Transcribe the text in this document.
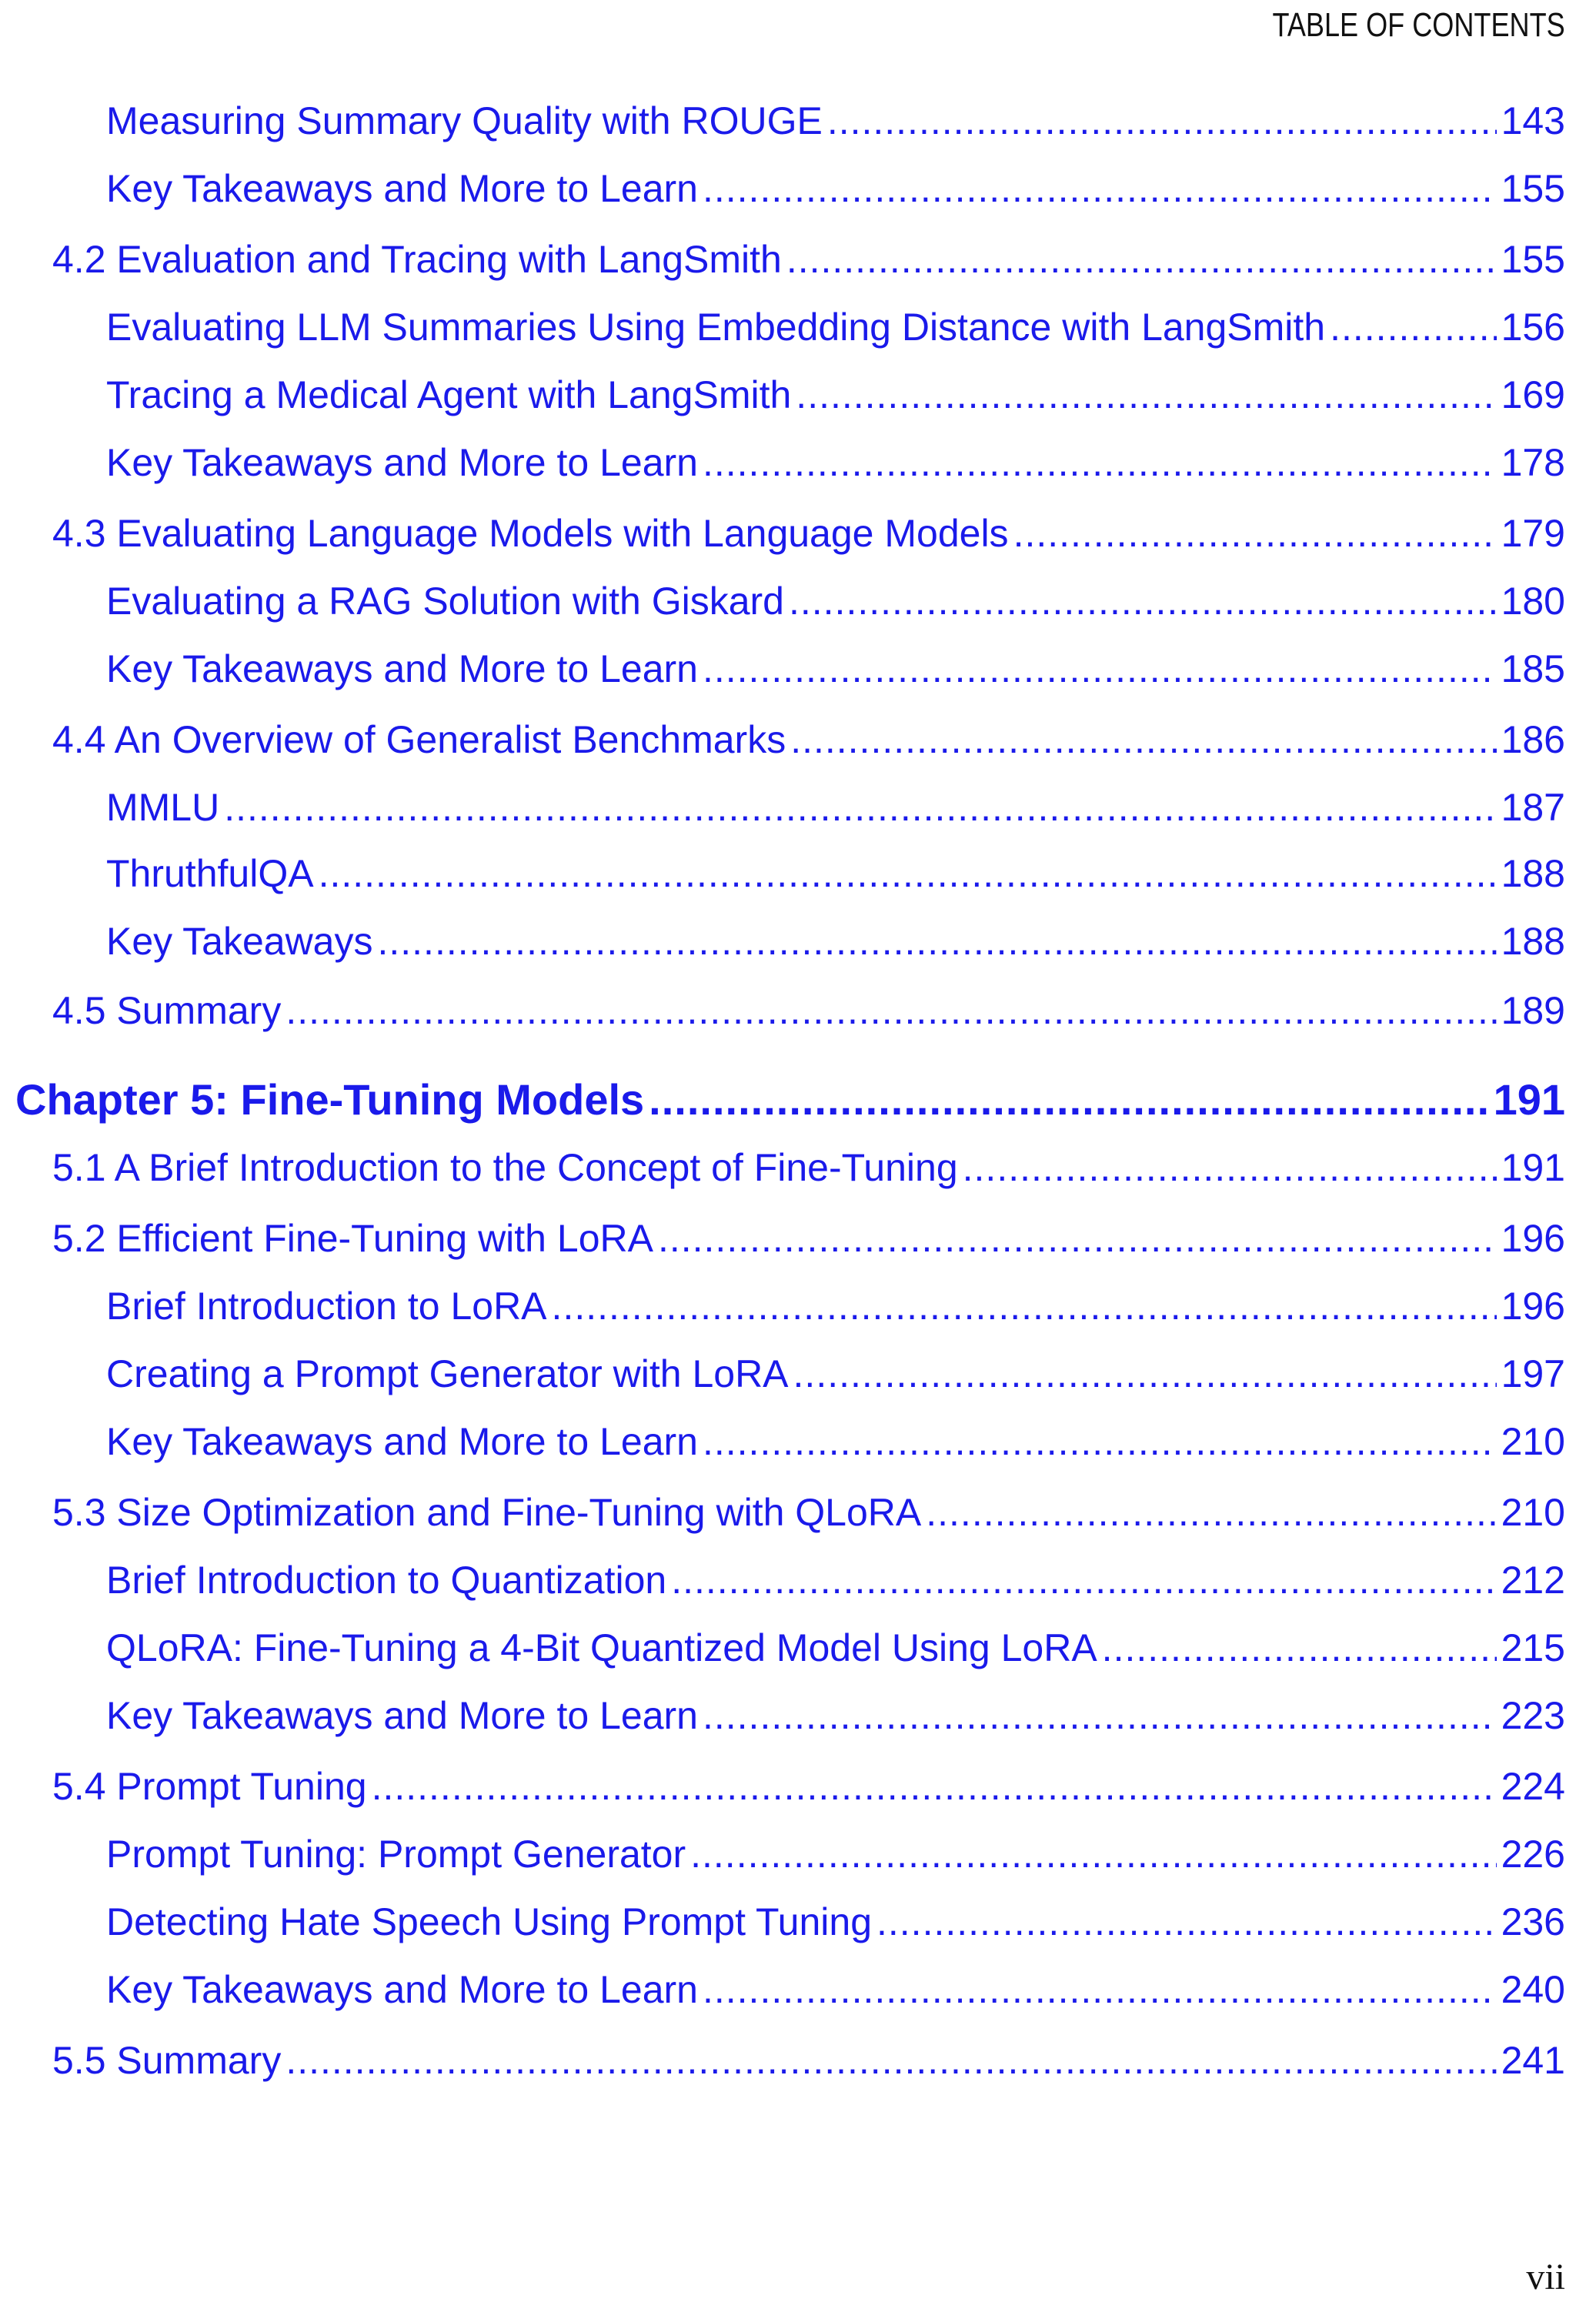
TABLE OF CONTENTS
Measuring Summary Quality with ROUGE .....	143
Key Takeaways and More to Learn .....	155
4.2 Evaluation and Tracing with LangSmith .....	155
Evaluating LLM Summaries Using Embedding Distance with LangSmith .....	156
Tracing a Medical Agent with LangSmith .....	169
Key Takeaways and More to Learn .....	178
4.3 Evaluating Language Models with Language Models .....	179
Evaluating a RAG Solution with Giskard .....	180
Key Takeaways and More to Learn .....	185
4.4 An Overview of Generalist Benchmarks .....	186
MMLU .....	187
ThruthfulQA .....	188
Key Takeaways .....	188
4.5 Summary .....	189
Chapter 5: Fine-Tuning Models .....	191
5.1 A Brief Introduction to the Concept of Fine-Tuning .....	191
5.2 Efficient Fine-Tuning with LoRA .....	196
Brief Introduction to LoRA .....	196
Creating a Prompt Generator with LoRA .....	197
Key Takeaways and More to Learn .....	210
5.3 Size Optimization and Fine-Tuning with QLoRA .....	210
Brief Introduction to Quantization .....	212
QLoRA: Fine-Tuning a 4-Bit Quantized Model Using LoRA .....	215
Key Takeaways and More to Learn .....	223
5.4 Prompt Tuning .....	224
Prompt Tuning: Prompt Generator .....	226
Detecting Hate Speech Using Prompt Tuning .....	236
Key Takeaways and More to Learn .....	240
5.5 Summary .....	241
vii
